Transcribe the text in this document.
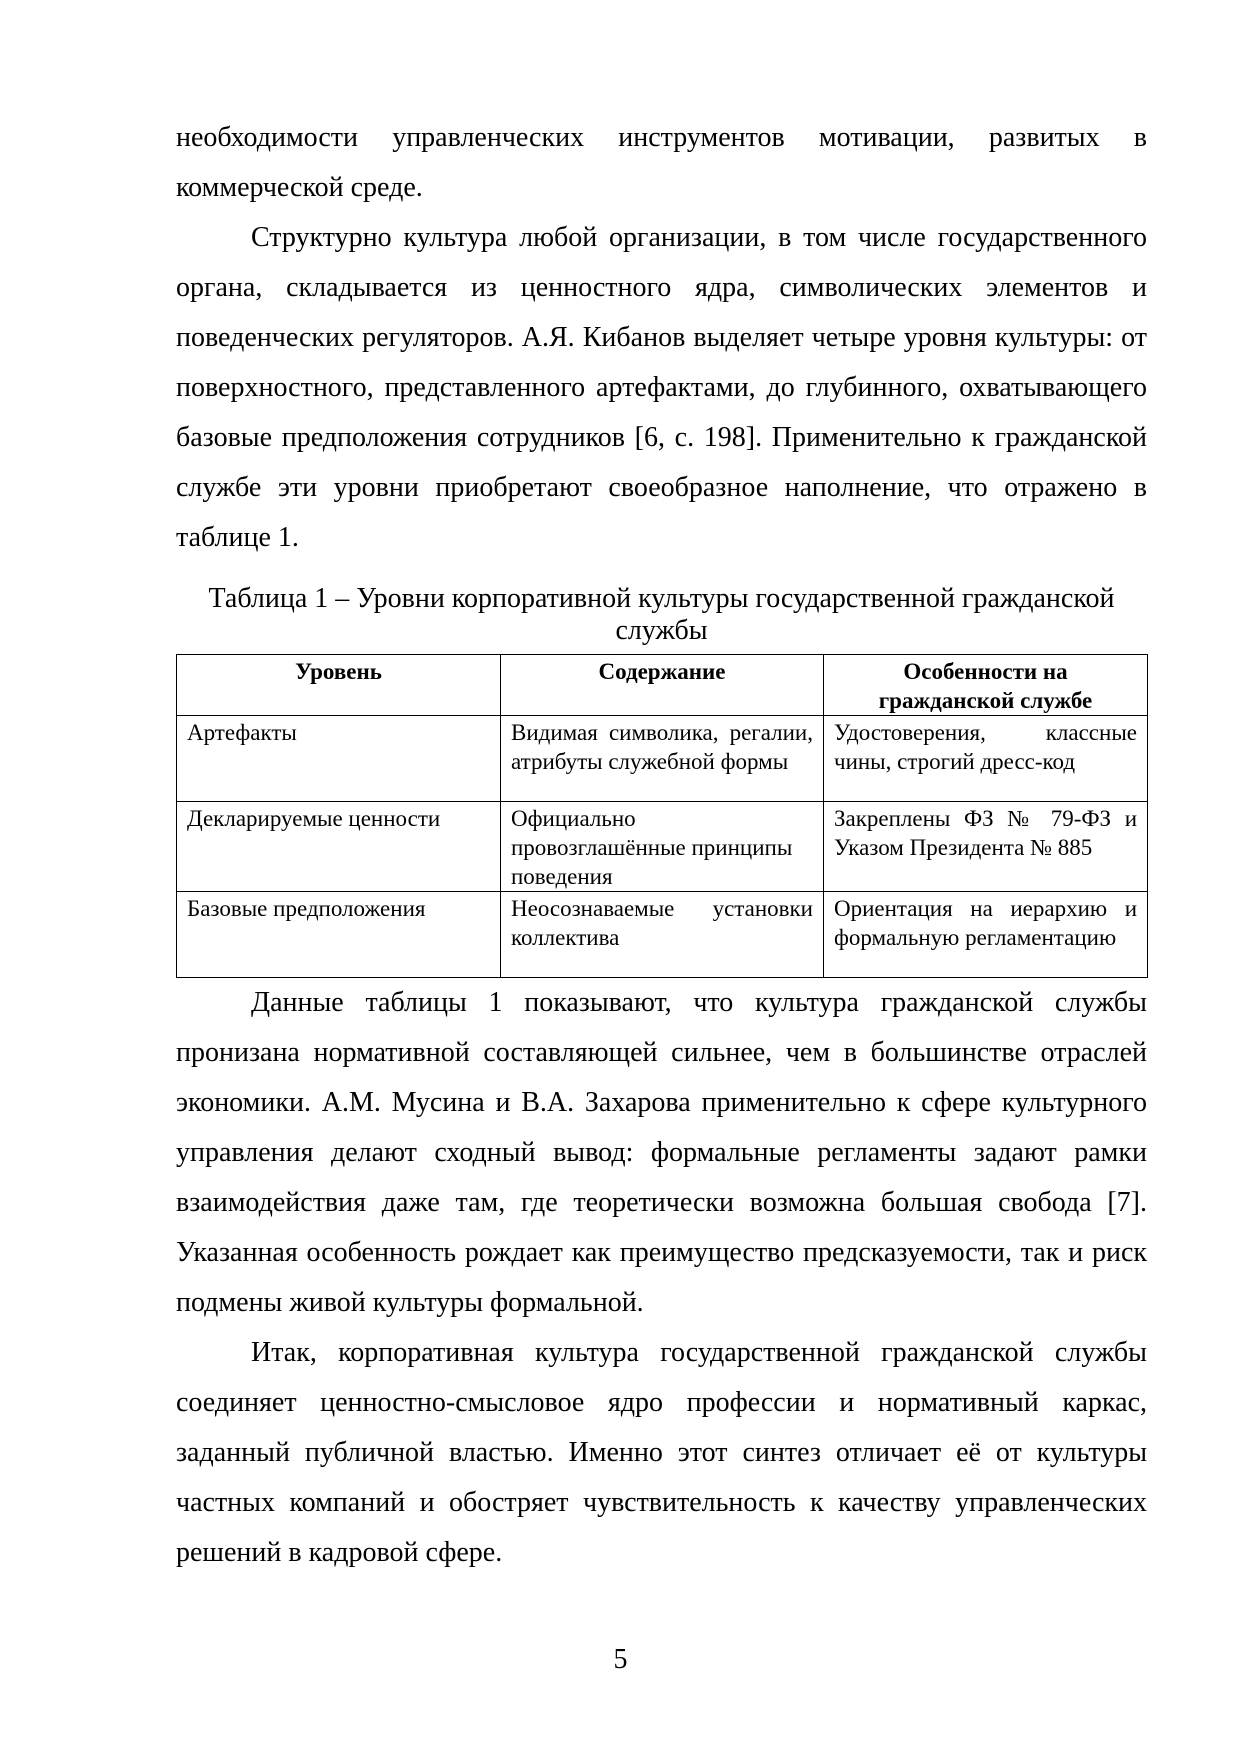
необходимости управленческих инструментов мотивации, развитых в коммерческой среде.

Структурно культура любой организации, в том числе государственного органа, складывается из ценностного ядра, символических элементов и поведенческих регуляторов. А.Я. Кибанов выделяет четыре уровня культуры: от поверхностного, представленного артефактами, до глубинного, охватывающего базовые предположения сотрудников [6, с. 198]. Применительно к гражданской службе эти уровни приобретают своеобразное наполнение, что отражено в таблице 1.

Таблица 1 – Уровни корпоративной культуры государственной гражданской службы
Уровень	Содержание	Особенности на гражданской службе
Артефакты	Видимая символика, регалии, атрибуты служебной формы	Удостоверения, классные чины, строгий дресс-код
Декларируемые ценности	Официально провозглашённые принципы поведения	Закреплены ФЗ № 79-ФЗ и Указом Президента № 885
Базовые предположения	Неосознаваемые установки коллектива	Ориентация на иерархию и формальную регламентацию

Данные таблицы 1 показывают, что культура гражданской службы пронизана нормативной составляющей сильнее, чем в большинстве отраслей экономики. А.М. Мусина и В.А. Захарова применительно к сфере культурного управления делают сходный вывод: формальные регламенты задают рамки взаимодействия даже там, где теоретически возможна большая свобода [7]. Указанная особенность рождает как преимущество предсказуемости, так и риск подмены живой культуры формальной.

Итак, корпоративная культура государственной гражданской службы соединяет ценностно-смысловое ядро профессии и нормативный каркас, заданный публичной властью. Именно этот синтез отличает её от культуры частных компаний и обостряет чувствительность к качеству управленческих решений в кадровой сфере.

5
